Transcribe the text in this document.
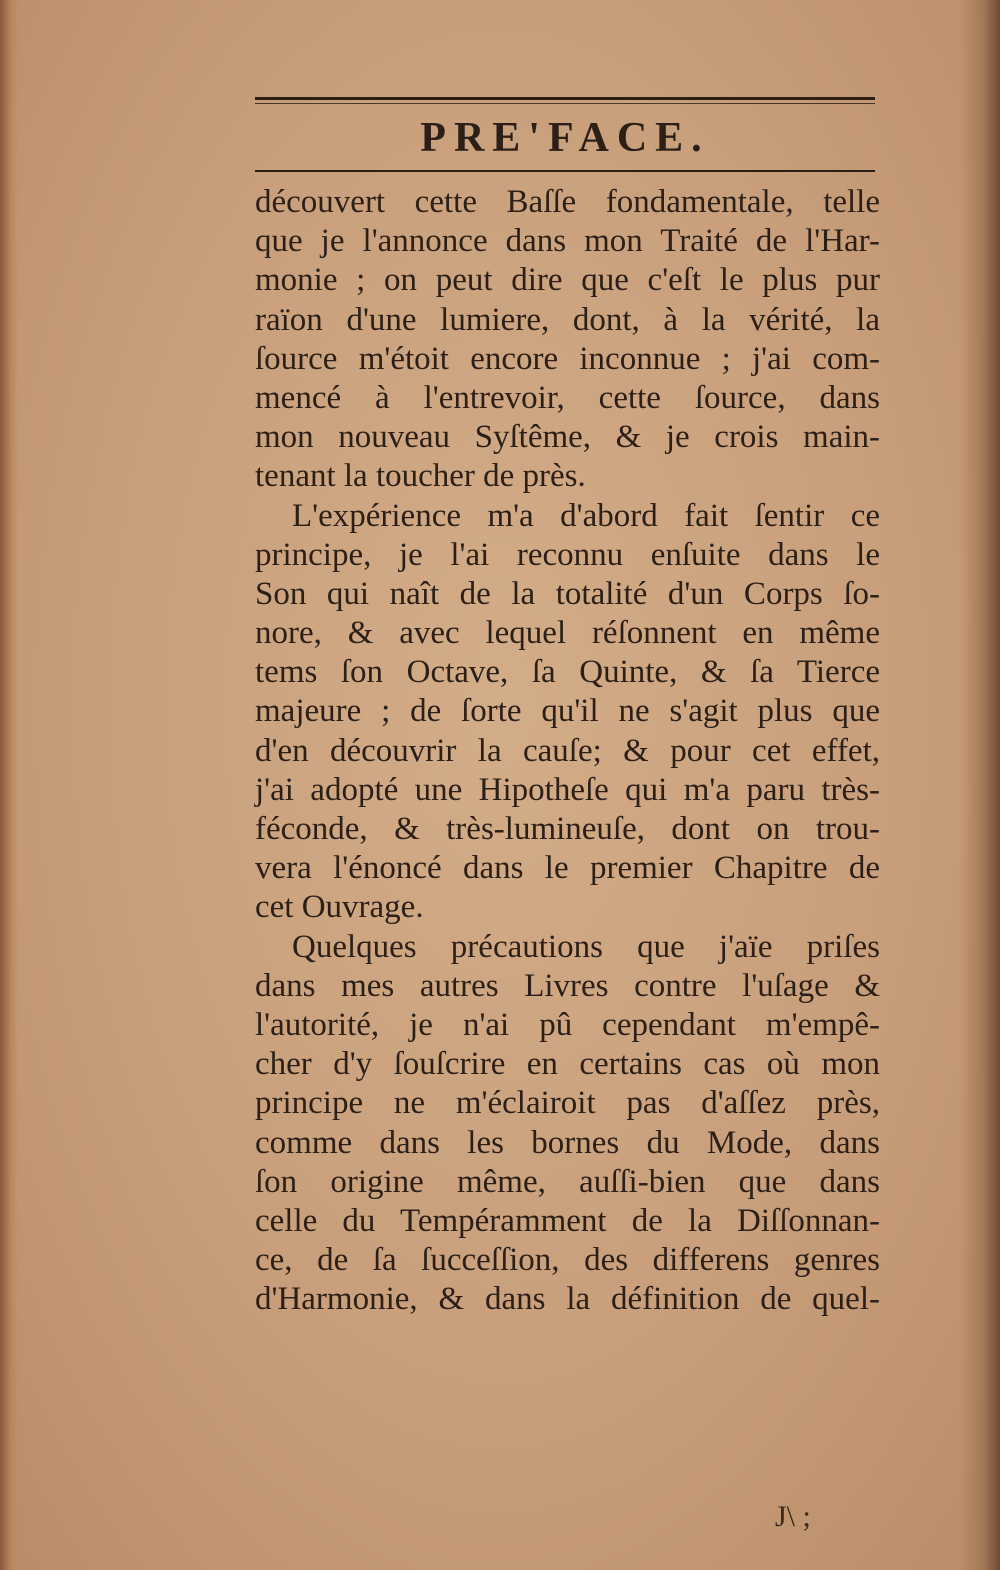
PRE'FACE.
découvert cette Baſſe fondamentale, telle
que je l'annonce dans mon Traité de l'Har-
monie ; on peut dire que c'eſt le plus pur
raïon d'une lumiere, dont, à la vérité, la
ſource m'étoit encore inconnue ; j'ai com-
mencé à l'entrevoir, cette ſource, dans
mon nouveau Syſtême, & je crois main-
tenant la toucher de près.
L'expérience m'a d'abord fait ſentir ce
principe, je l'ai reconnu enſuite dans le
Son qui naît de la totalité d'un Corps ſo-
nore, & avec lequel réſonnent en même
tems ſon Octave, ſa Quinte, & ſa Tierce
majeure ; de ſorte qu'il ne s'agit plus que
d'en découvrir la cauſe; & pour cet effet,
j'ai adopté une Hipotheſe qui m'a paru très-
féconde, & très-lumineuſe, dont on trou-
vera l'énoncé dans le premier Chapitre de
cet Ouvrage.
Quelques précautions que j'aïe priſes
dans mes autres Livres contre l'uſage &
l'autorité, je n'ai pû cependant m'empê-
cher d'y ſouſcrire en certains cas où mon
principe ne m'éclairoit pas d'aſſez près,
comme dans les bornes du Mode, dans
ſon origine même, auſſi-bien que dans
celle du Tempéramment de la Diſſonnan-
ce, de ſa ſucceſſion, des differens genres
d'Harmonie, & dans la définition de quel-
J\ ;
